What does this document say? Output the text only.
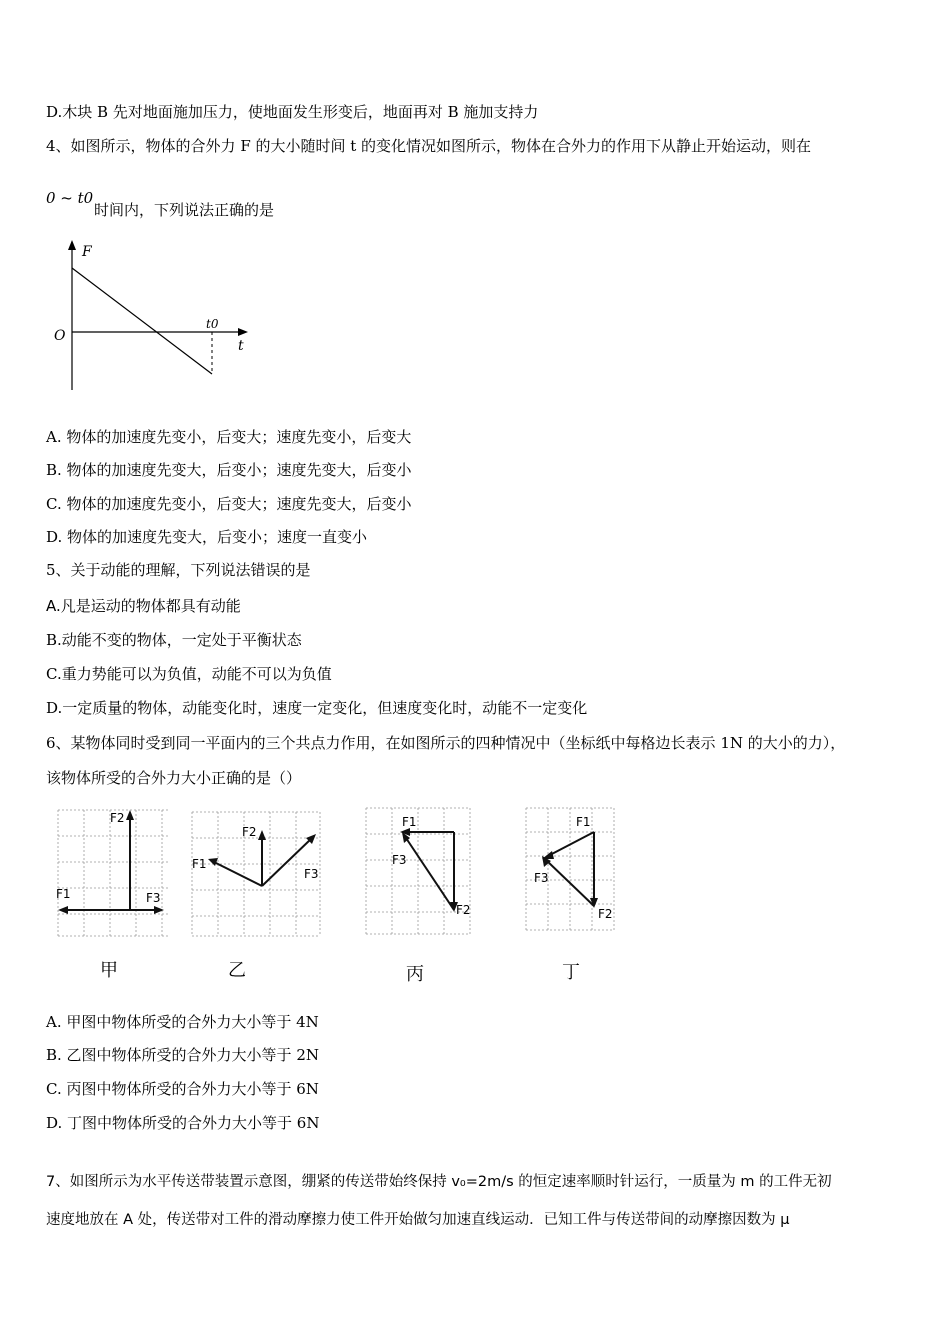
D.木块 B 先对地面施加压力，使地面发生形变后，地面再对 B 施加支持力
4、如图所示，物体的合外力 F 的大小随时间 t 的变化情况如图所示，物体在合外力的作用下从静止开始运动，则在
0 ~ t0
时间内，下列说法正确的是
F
O
t0
t
A. 物体的加速度先变小，后变大；速度先变小，后变大
B. 物体的加速度先变大，后变小；速度先变大，后变小
C. 物体的加速度先变小，后变大；速度先变大，后变小
D. 物体的加速度先变大，后变小；速度一直变小
5、关于动能的理解，下列说法错误的是
A.凡是运动的物体都具有动能
B.动能不变的物体，一定处于平衡状态
C.重力势能可以为负值，动能不可以为负值
D.一定质量的物体，动能变化时，速度一定变化，但速度变化时，动能不一定变化
6、某物体同时受到同一平面内的三个共点力作用，在如图所示的四种情况中（坐标纸中每格边长表示 1N 的大小的力），
该物体所受的合外力大小正确的是（）
F2
F1	F3
甲
F2
F1
F3
乙
F1
F3
F2
丙
F1
F3
F2
丁
A. 甲图中物体所受的合外力大小等于 4N
B. 乙图中物体所受的合外力大小等于 2N
C. 丙图中物体所受的合外力大小等于 6N
D. 丁图中物体所受的合外力大小等于 6N
7、如图所示为水平传送带装置示意图，绷紧的传送带始终保持 v₀=2m/s 的恒定速率顺时针运行，一质量为 m 的工件无初
速度地放在 A 处，传送带对工件的滑动摩擦力使工件开始做匀加速直线运动．已知工件与传送带间的动摩擦因数为 μ
